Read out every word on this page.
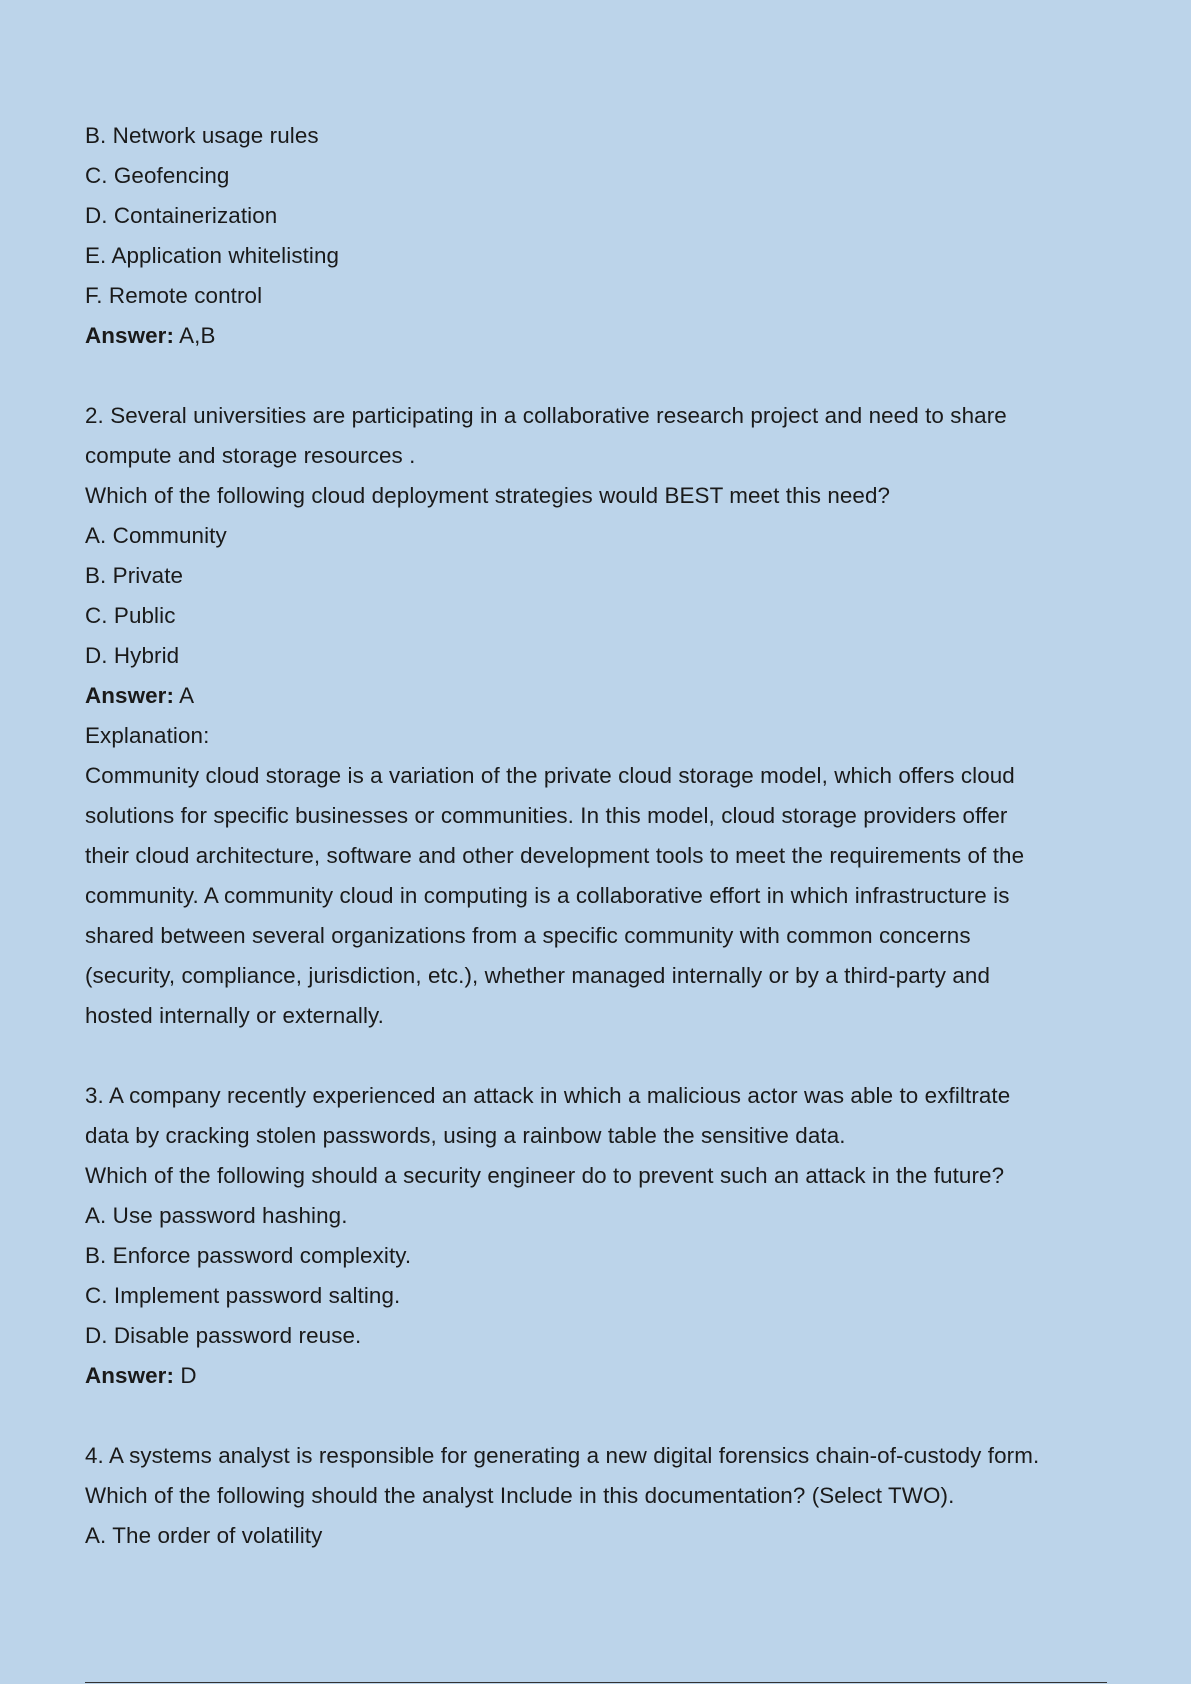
B. Network usage rules
C. Geofencing
D. Containerization
E. Application whitelisting
F. Remote control
Answer: A,B
2. Several universities are participating in a collaborative research project and need to share
compute and storage resources .
Which of the following cloud deployment strategies would BEST meet this need?
A. Community
B. Private
C. Public
D. Hybrid
Answer: A
Explanation:
Community cloud storage is a variation of the private cloud storage model, which offers cloud
solutions for specific businesses or communities. In this model, cloud storage providers offer
their cloud architecture, software and other development tools to meet the requirements of the
community. A community cloud in computing is a collaborative effort in which infrastructure is
shared between several organizations from a specific community with common concerns
(security, compliance, jurisdiction, etc.), whether managed internally or by a third-party and
hosted internally or externally.
3. A company recently experienced an attack in which a malicious actor was able to exfiltrate
data by cracking stolen passwords, using a rainbow table the sensitive data.
Which of the following should a security engineer do to prevent such an attack in the future?
A. Use password hashing.
B. Enforce password complexity.
C. Implement password salting.
D. Disable password reuse.
Answer: D
4. A systems analyst is responsible for generating a new digital forensics chain-of-custody form.
Which of the following should the analyst Include in this documentation? (Select TWO).
A. The order of volatility
